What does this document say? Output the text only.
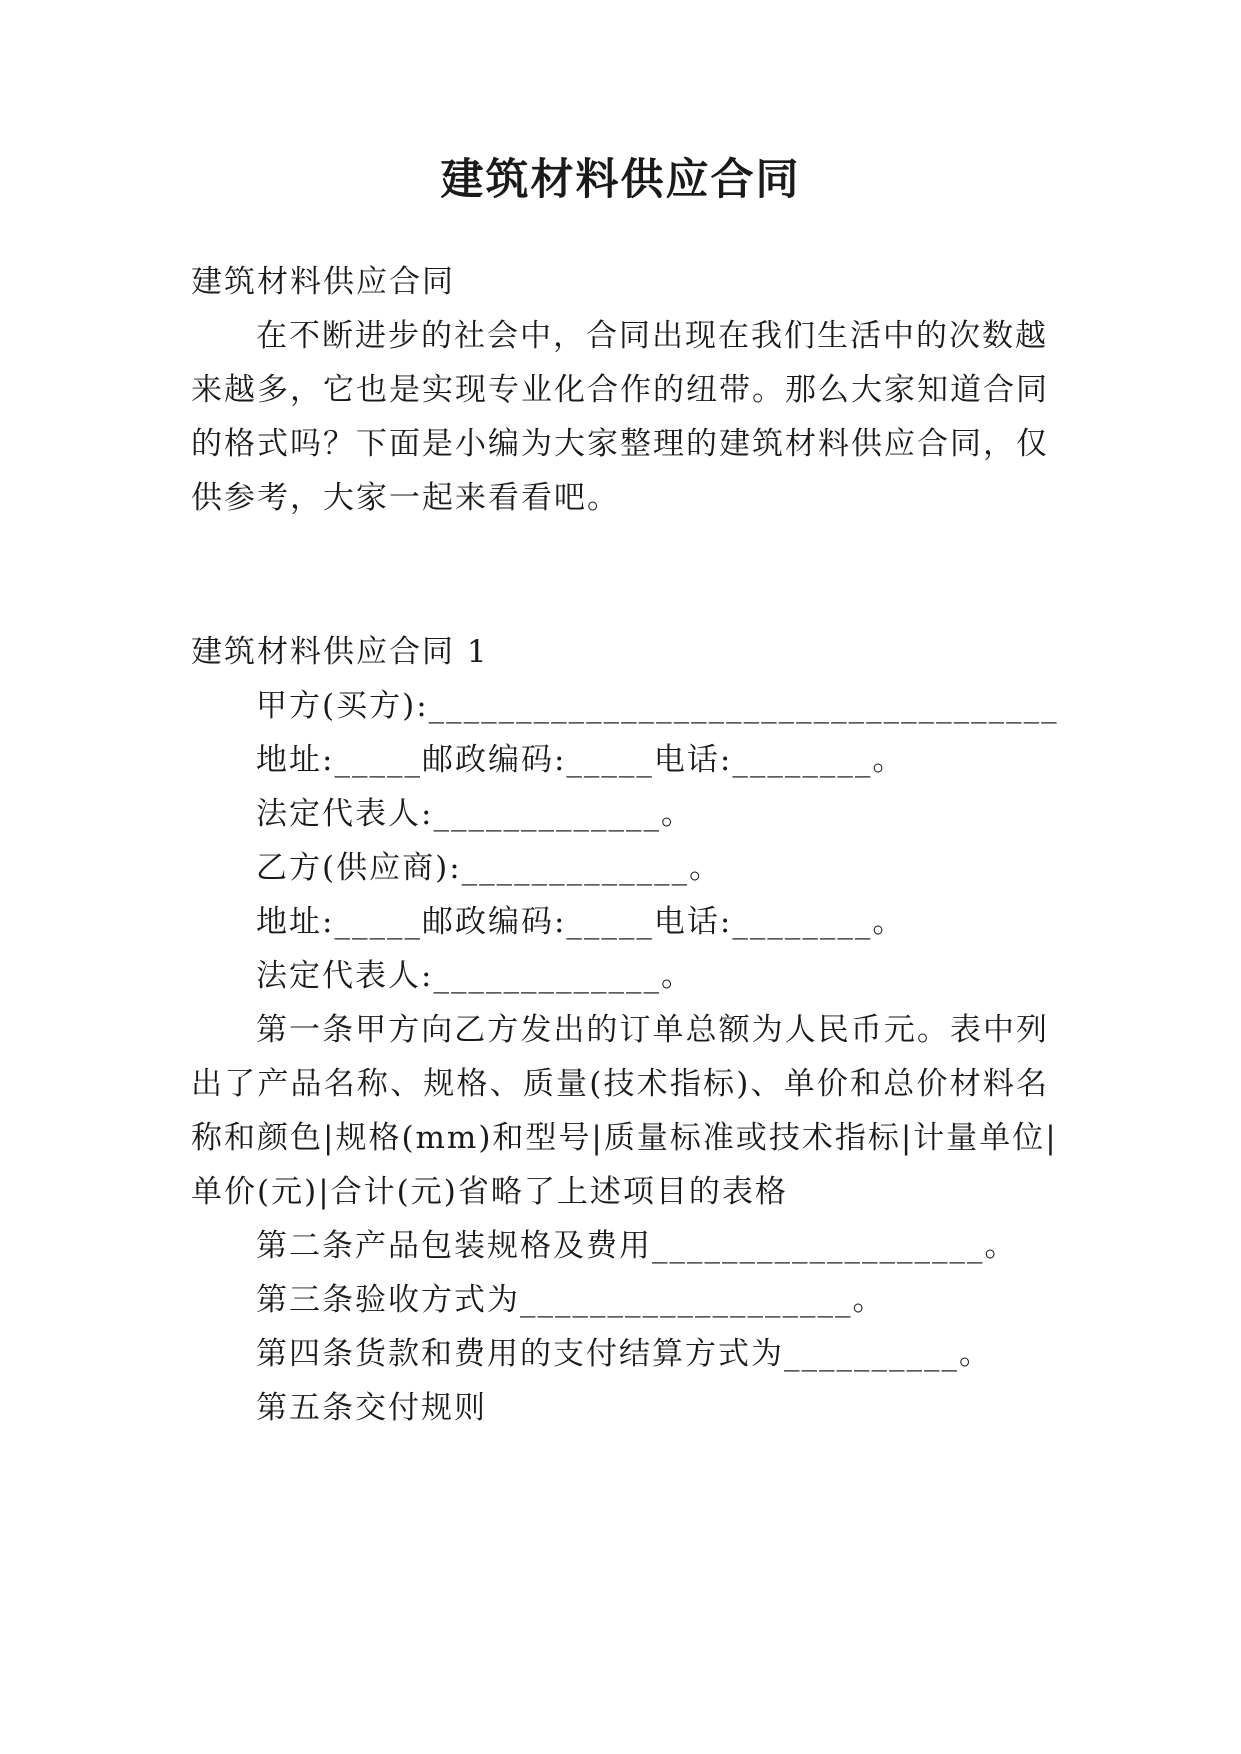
建筑材料供应合同
建筑材料供应合同
在不断进步的社会中，合同出现在我们生活中的次数越
来越多，它也是实现专业化合作的纽带。那么大家知道合同
的格式吗？下面是小编为大家整理的建筑材料供应合同，仅
供参考，大家一起来看看吧。
建筑材料供应合同 1
甲方(买方):____________________________________
地址:_____邮政编码:_____电话:________。
法定代表人:_____________。
乙方(供应商):_____________。
地址:_____邮政编码:_____电话:________。
法定代表人:_____________。
第一条甲方向乙方发出的订单总额为人民币元。表中列
出了产品名称、规格、质量(技术指标)、单价和总价材料名
称和颜色|规格(mm)和型号|质量标准或技术指标|计量单位|
单价(元)|合计(元)省略了上述项目的表格
第二条产品包装规格及费用___________________。
第三条验收方式为___________________。
第四条货款和费用的支付结算方式为__________。
第五条交付规则
